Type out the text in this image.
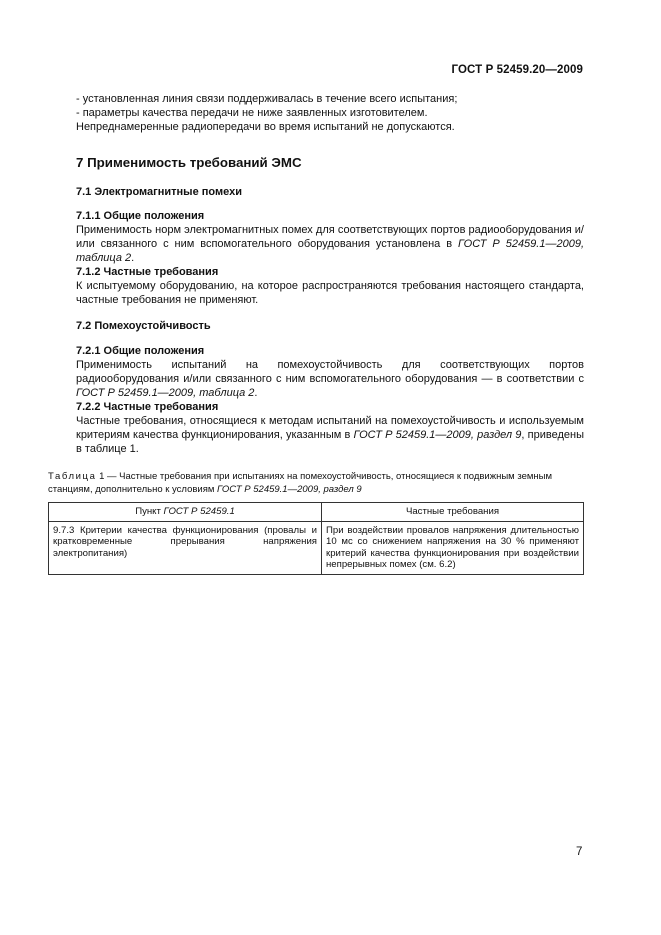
ГОСТ Р 52459.20—2009

- установленная линия связи поддерживалась в течение всего испытания;

- параметры качества передачи не ниже заявленных изготовителем.

Непреднамеренные радиопередачи во время испытаний не допускаются.

7 Применимость требований ЭМС

7.1 Электромагнитные помехи

7.1.1 Общие положения

Применимость норм электромагнитных помех для соответствующих портов радиооборудования и/или связанного с ним вспомогательного оборудования установлена в ГОСТ Р 52459.1—2009, таблица 2.

7.1.2 Частные требования

К испытуемому оборудованию, на которое распространяются требования настоящего стандарта, частные требования не применяют.

7.2 Помехоустойчивость

7.2.1 Общие положения

Применимость испытаний на помехоустойчивость для соответствующих портов радиооборудования и/или связанного с ним вспомогательного оборудования — в соответствии с ГОСТ Р 52459.1—2009, таблица 2.

7.2.2 Частные требования

Частные требования, относящиеся к методам испытаний на помехоустойчивость и используемым критериям качества функционирования, указанным в ГОСТ Р 52459.1—2009, раздел 9, приведены в таблице 1.

Таблица 1 — Частные требования при испытаниях на помехоустойчивость, относящиеся к подвижным земным станциям, дополнительно к условиям ГОСТ Р 52459.1—2009, раздел 9

Пункт ГОСТ Р 52459.1	Частные требования
9.7.3 Критерии качества функционирования (провалы и кратковременные прерывания напряжения электропитания)	При воздействии провалов напряжения длительностью 10 мс со снижением напряжения на 30 % применяют критерий качества функционирования при воздействии непрерывных помех (см. 6.2)
7
